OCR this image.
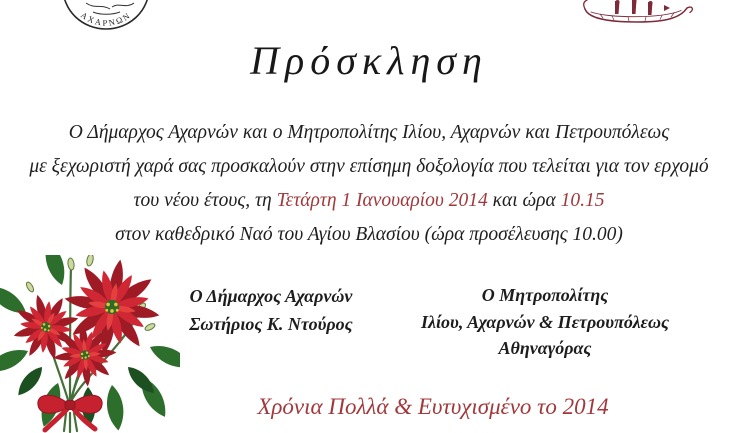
ΑΧΑΡΝΩΝ
Πρόσκληση
Ο Δήμαρχος Αχαρνών και ο Μητροπολίτης Ιλίου, Αχαρνών και Πετρουπόλεως
με ξεχωριστή χαρά σας προσκαλούν στην επίσημη δοξολογία που τελείται για τον ερχομό
του νέου έτους, τη Τετάρτη 1 Ιανουαρίου 2014 και ώρα 10.15
στον καθεδρικό Ναό του Αγίου Βλασίου (ώρα προσέλευσης 10.00)
Ο Δήμαρχος Αχαρνών
Σωτήριος Κ. Ντούρος
Ο Μητροπολίτης
Ιλίου, Αχαρνών & Πετρουπόλεως
Αθηναγόρας
Χρόνια Πολλά & Ευτυχισμένο το 2014
